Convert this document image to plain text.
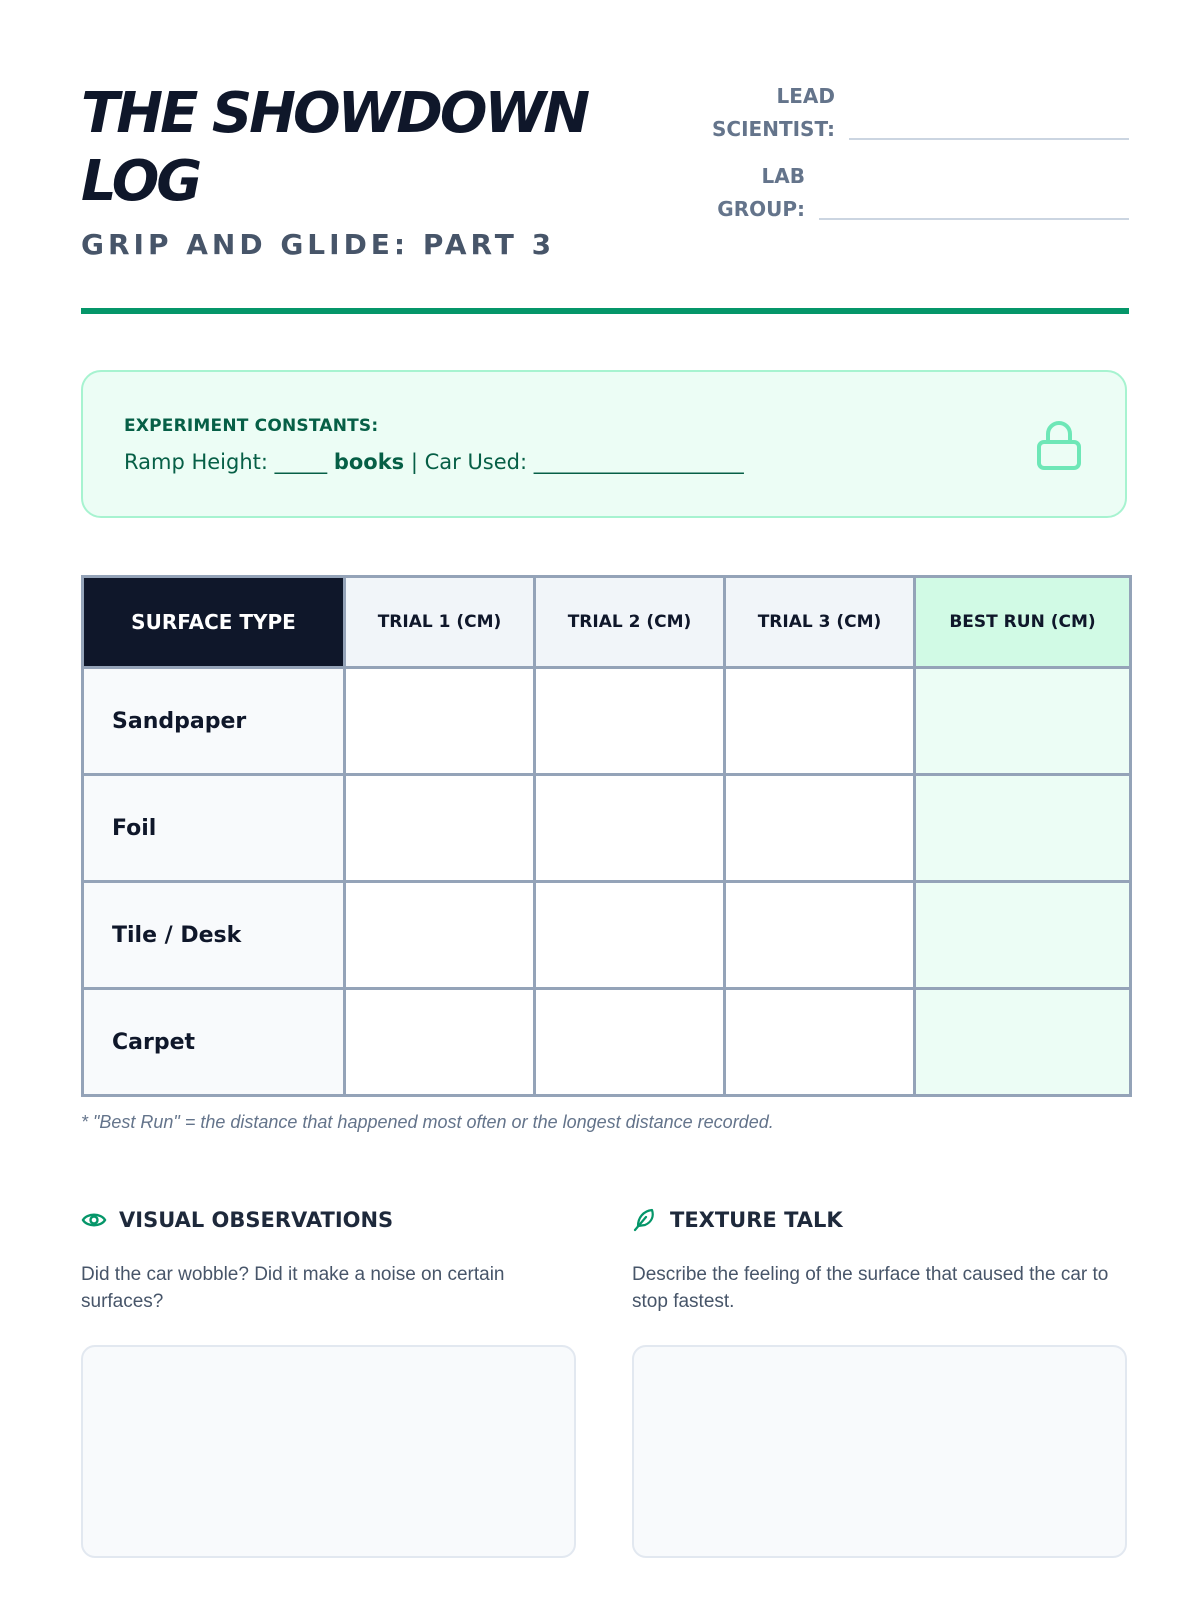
THE SHOWDOWN LOG

GRIP AND GLIDE: PART 3

LEAD
SCIENTIST:
LAB
GROUP:
EXPERIMENT CONSTANTS:
Ramp Height: _____ books | Car Used: ____________________
SURFACE TYPE	TRIAL 1 (CM)	TRIAL 2 (CM)	TRIAL 3 (CM)	BEST RUN (CM)
Sandpaper				
Foil				
Tile / Desk				
Carpet				
* "Best Run" = the distance that happened most often or the longest distance recorded.
VISUAL OBSERVATIONS
Did the car wobble? Did it make a noise on certain surfaces?
TEXTURE TALK
Describe the feeling of the surface that caused the car to stop fastest.
